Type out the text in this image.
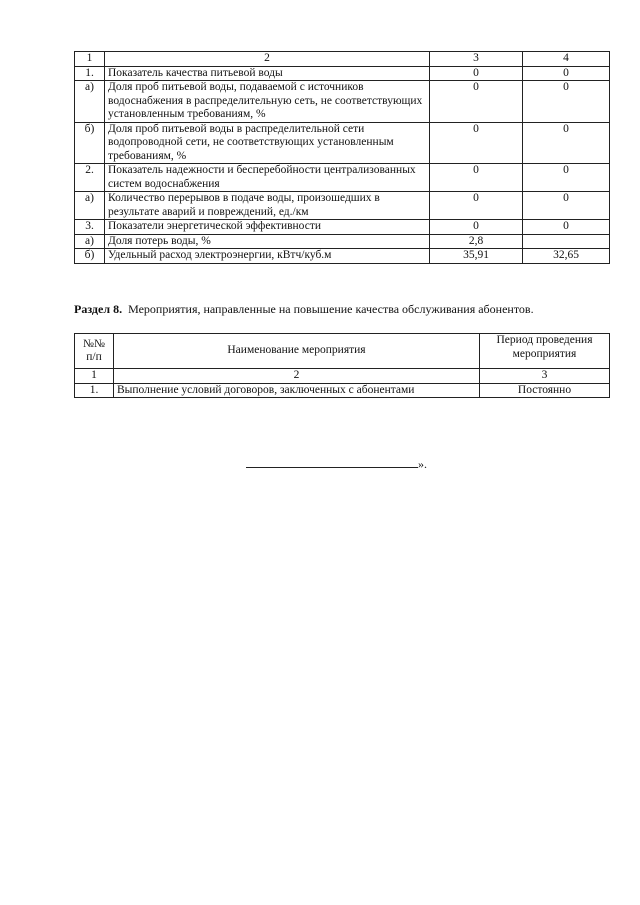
1	2	3	4
1.	Показатель качества питьевой воды	0	0
а)	Доля проб питьевой воды, подаваемой с источников водоснабжения в распределительную сеть, не соответствующих установленным требованиям, %	0	0
б)	Доля проб питьевой воды в распределительной сети водопроводной сети, не соответствующих установленным требованиям, %	0	0
2.	Показатель надежности и бесперебойности централизованных систем водоснабжения	0	0
а)	Количество перерывов в подаче воды, произошедших в результате аварий и повреждений, ед./км	0	0
3.	Показатели энергетической эффективности	0	0
а)	Доля потерь воды, %	2,8	
б)	Удельный расход электроэнергии, кВтч/куб.м	35,91	32,65
Раздел 8. Мероприятия, направленные на повышение качества обслуживания абонентов.
№№ п/п	Наименование мероприятия	Период проведения мероприятия
1	2	3
1.	Выполнение условий договоров, заключенных с абонентами	Постоянно
».
